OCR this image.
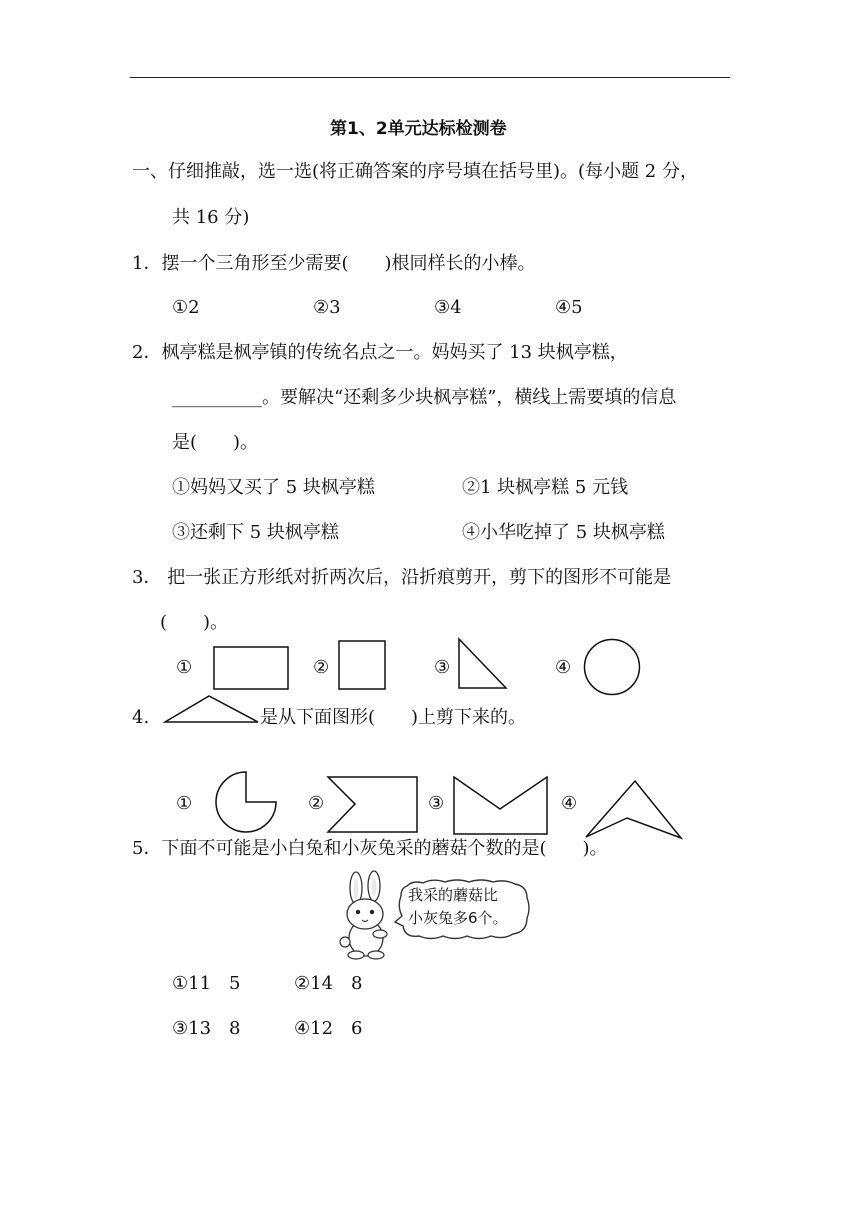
第1、2单元达标检测卷
一、仔细推敲，选一选(将正确答案的序号填在括号里)。(每小题 2 分，
共 16 分)
1．摆一个三角形至少需要(　　)根同样长的小棒。
①2	②3	③4	④5
2．枫亭糕是枫亭镇的传统名点之一。妈妈买了 13 块枫亭糕，
__________。要解决“还剩多少块枫亭糕”，横线上需要填的信息
是(　　)。
①妈妈又买了 5 块枫亭糕	②1 块枫亭糕 5 元钱
③还剩下 5 块枫亭糕	④小华吃掉了 5 块枫亭糕
3． 把一张正方形纸对折两次后，沿折痕剪开，剪下的图形不可能是
(　　)。
①	②	③	④
4.	是从下面图形(　　)上剪下来的。
①	②	③	④
5．下面不可能是小白兔和小灰兔采的蘑菇个数的是(　　)。
我采的蘑菇比
小灰兔多6个。
①11　5	②14　8
③13　8	④12　6
